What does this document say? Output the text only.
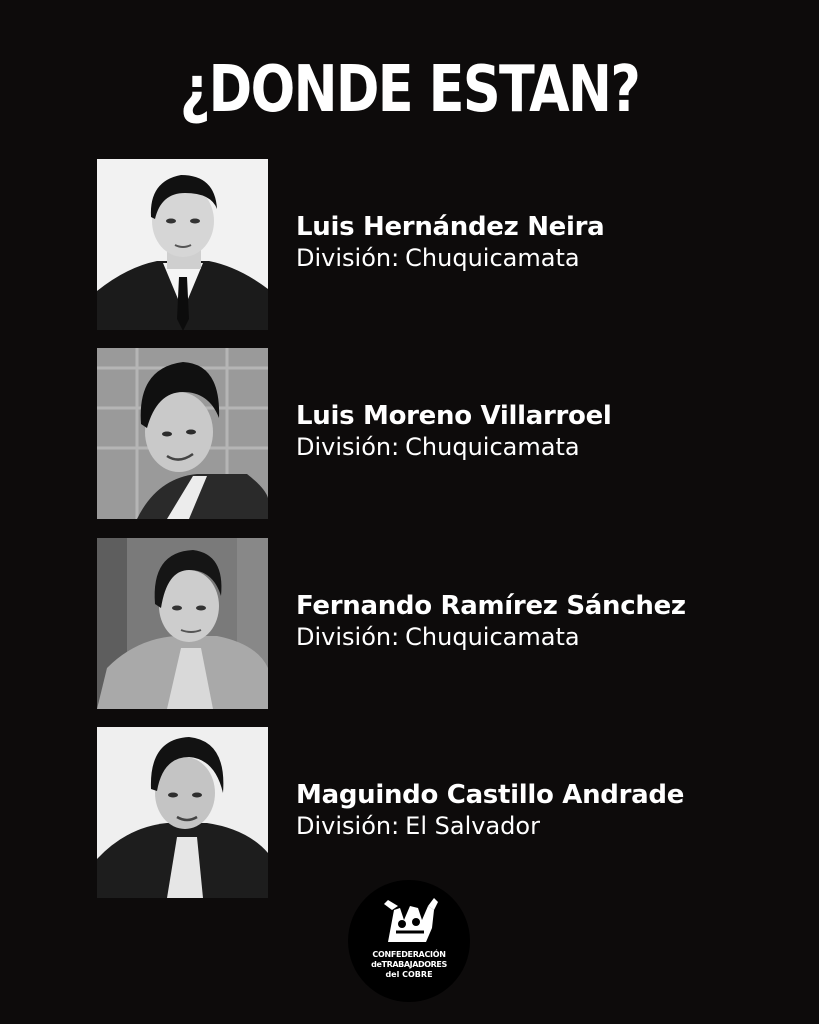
¿DONDE ESTAN?
Luis Hernández Neira
División: Chuquicamata
Luis Moreno Villarroel
División: Chuquicamata
Fernando Ramírez Sánchez
División: Chuquicamata
Maguindo Castillo Andrade
División: El Salvador
CONFEDERACIÓN
deTRABAJADORES
del COBRE
